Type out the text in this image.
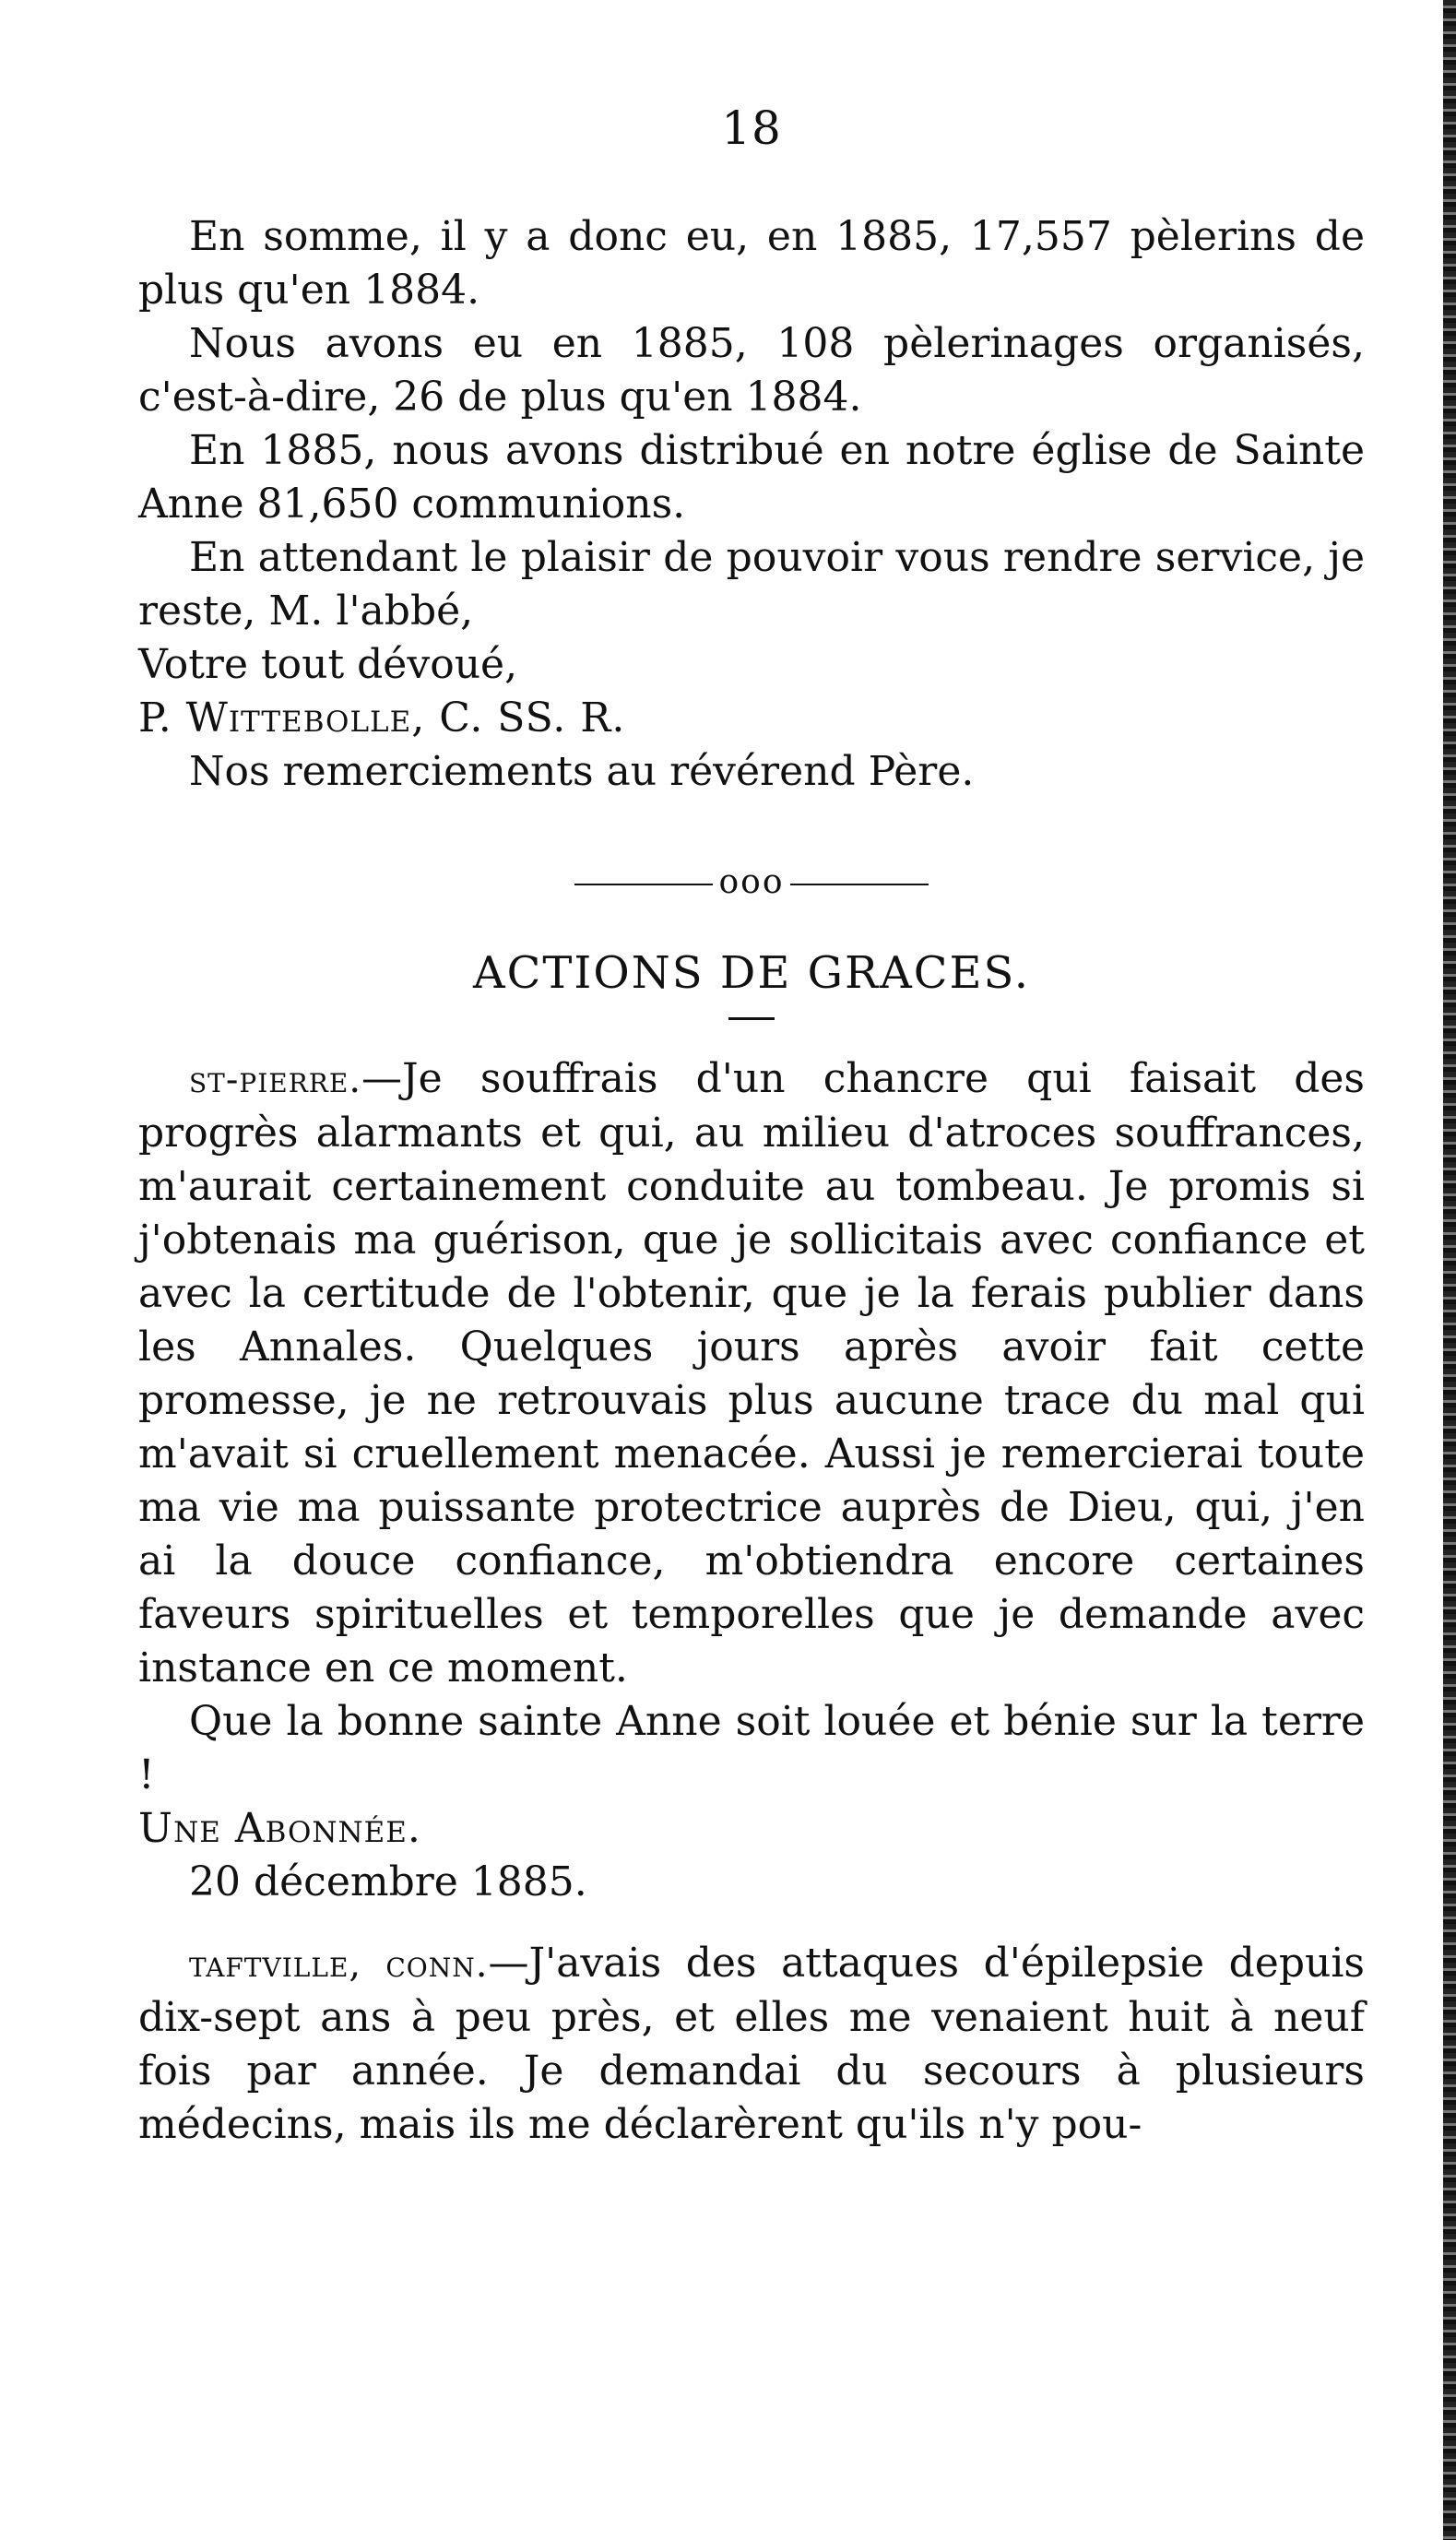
18

En somme, il y a donc eu, en 1885, 17,557 pèlerins de plus qu'en 1884.

Nous avons eu en 1885, 108 pèlerinages organisés, c'est-à-dire, 26 de plus qu'en 1884.

En 1885, nous avons distribué en notre église de Sainte Anne 81,650 communions.

En attendant le plaisir de pouvoir vous rendre service, je reste, M. l'abbé,

Votre tout dévoué,

P. Wittebolle, C. SS. R.

Nos remerciements au révérend Père.

ooo
ACTIONS DE GRACES.

st-pierre.—Je souffrais d'un chancre qui faisait des progrès alarmants et qui, au milieu d'atroces souffrances, m'aurait certainement conduite au tombeau. Je promis si j'obtenais ma guérison, que je sollicitais avec confiance et avec la certitude de l'obtenir, que je la ferais publier dans les Annales. Quelques jours après avoir fait cette promesse, je ne retrouvais plus aucune trace du mal qui m'avait si cruellement menacée. Aussi je remercierai toute ma vie ma puissante protectrice auprès de Dieu, qui, j'en ai la douce confiance, m'obtiendra encore certaines faveurs spirituelles et temporelles que je demande avec instance en ce moment.

Que la bonne sainte Anne soit louée et bénie sur la terre !

Une Abonnée.

20 décembre 1885.

taftville, conn.—J'avais des attaques d'épilepsie depuis dix-sept ans à peu près, et elles me venaient huit à neuf fois par année. Je demandai du secours à plusieurs médecins, mais ils me déclarèrent qu'ils n'y pou-
